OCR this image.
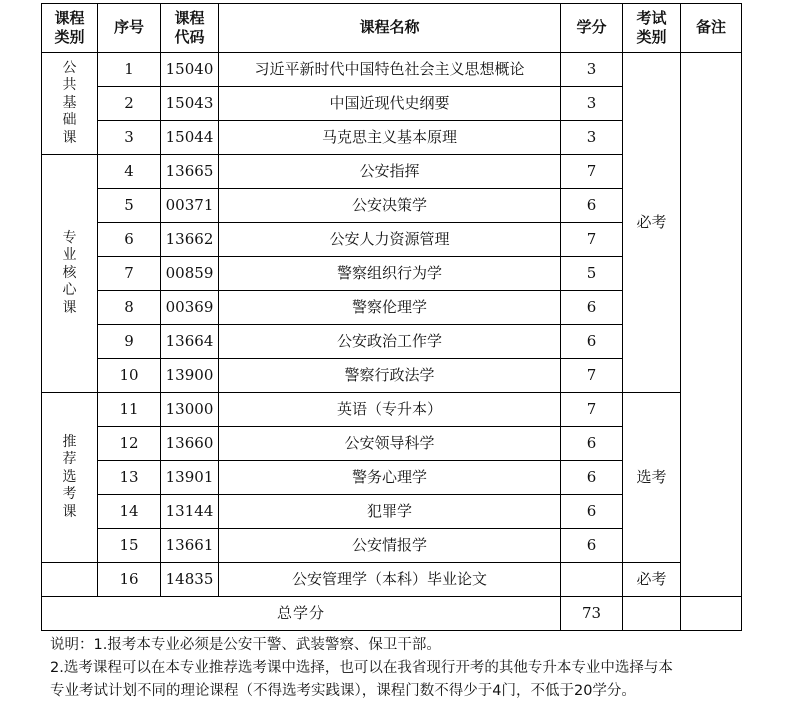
课程类别	序号	课程代码	课程名称	学分	考试类别	备注
公共基础课	1	15040	习近平新时代中国特色社会主义思想概论	3	必考	
	2	15043	中国近现代史纲要	3		
	3	15044	马克思主义基本原理	3		
专业核心课	4	13665	公安指挥	7		
	5	00371	公安决策学	6		
	6	13662	公安人力资源管理	7		
	7	00859	警察组织行为学	5		
	8	00369	警察伦理学	6		
	9	13664	公安政治工作学	6		
	10	13900	警察行政法学	7		
推荐选考课	11	13000	英语（专升本）	7	选考	
	12	13660	公安领导科学	6		
	13	13901	警务心理学	6		
	14	13144	犯罪学	6		
	15	13661	公安情报学	6		
	16	14835	公安管理学（本科）毕业论文		必考	
总学分				73		

说明：1.报考本专业必须是公安干警、武装警察、保卫干部。

2.选考课程可以在本专业推荐选考课中选择，也可以在我省现行开考的其他专升本专业中选择与本

专业考试计划不同的理论课程（不得选考实践课），课程门数不得少于4门，不低于20学分。
